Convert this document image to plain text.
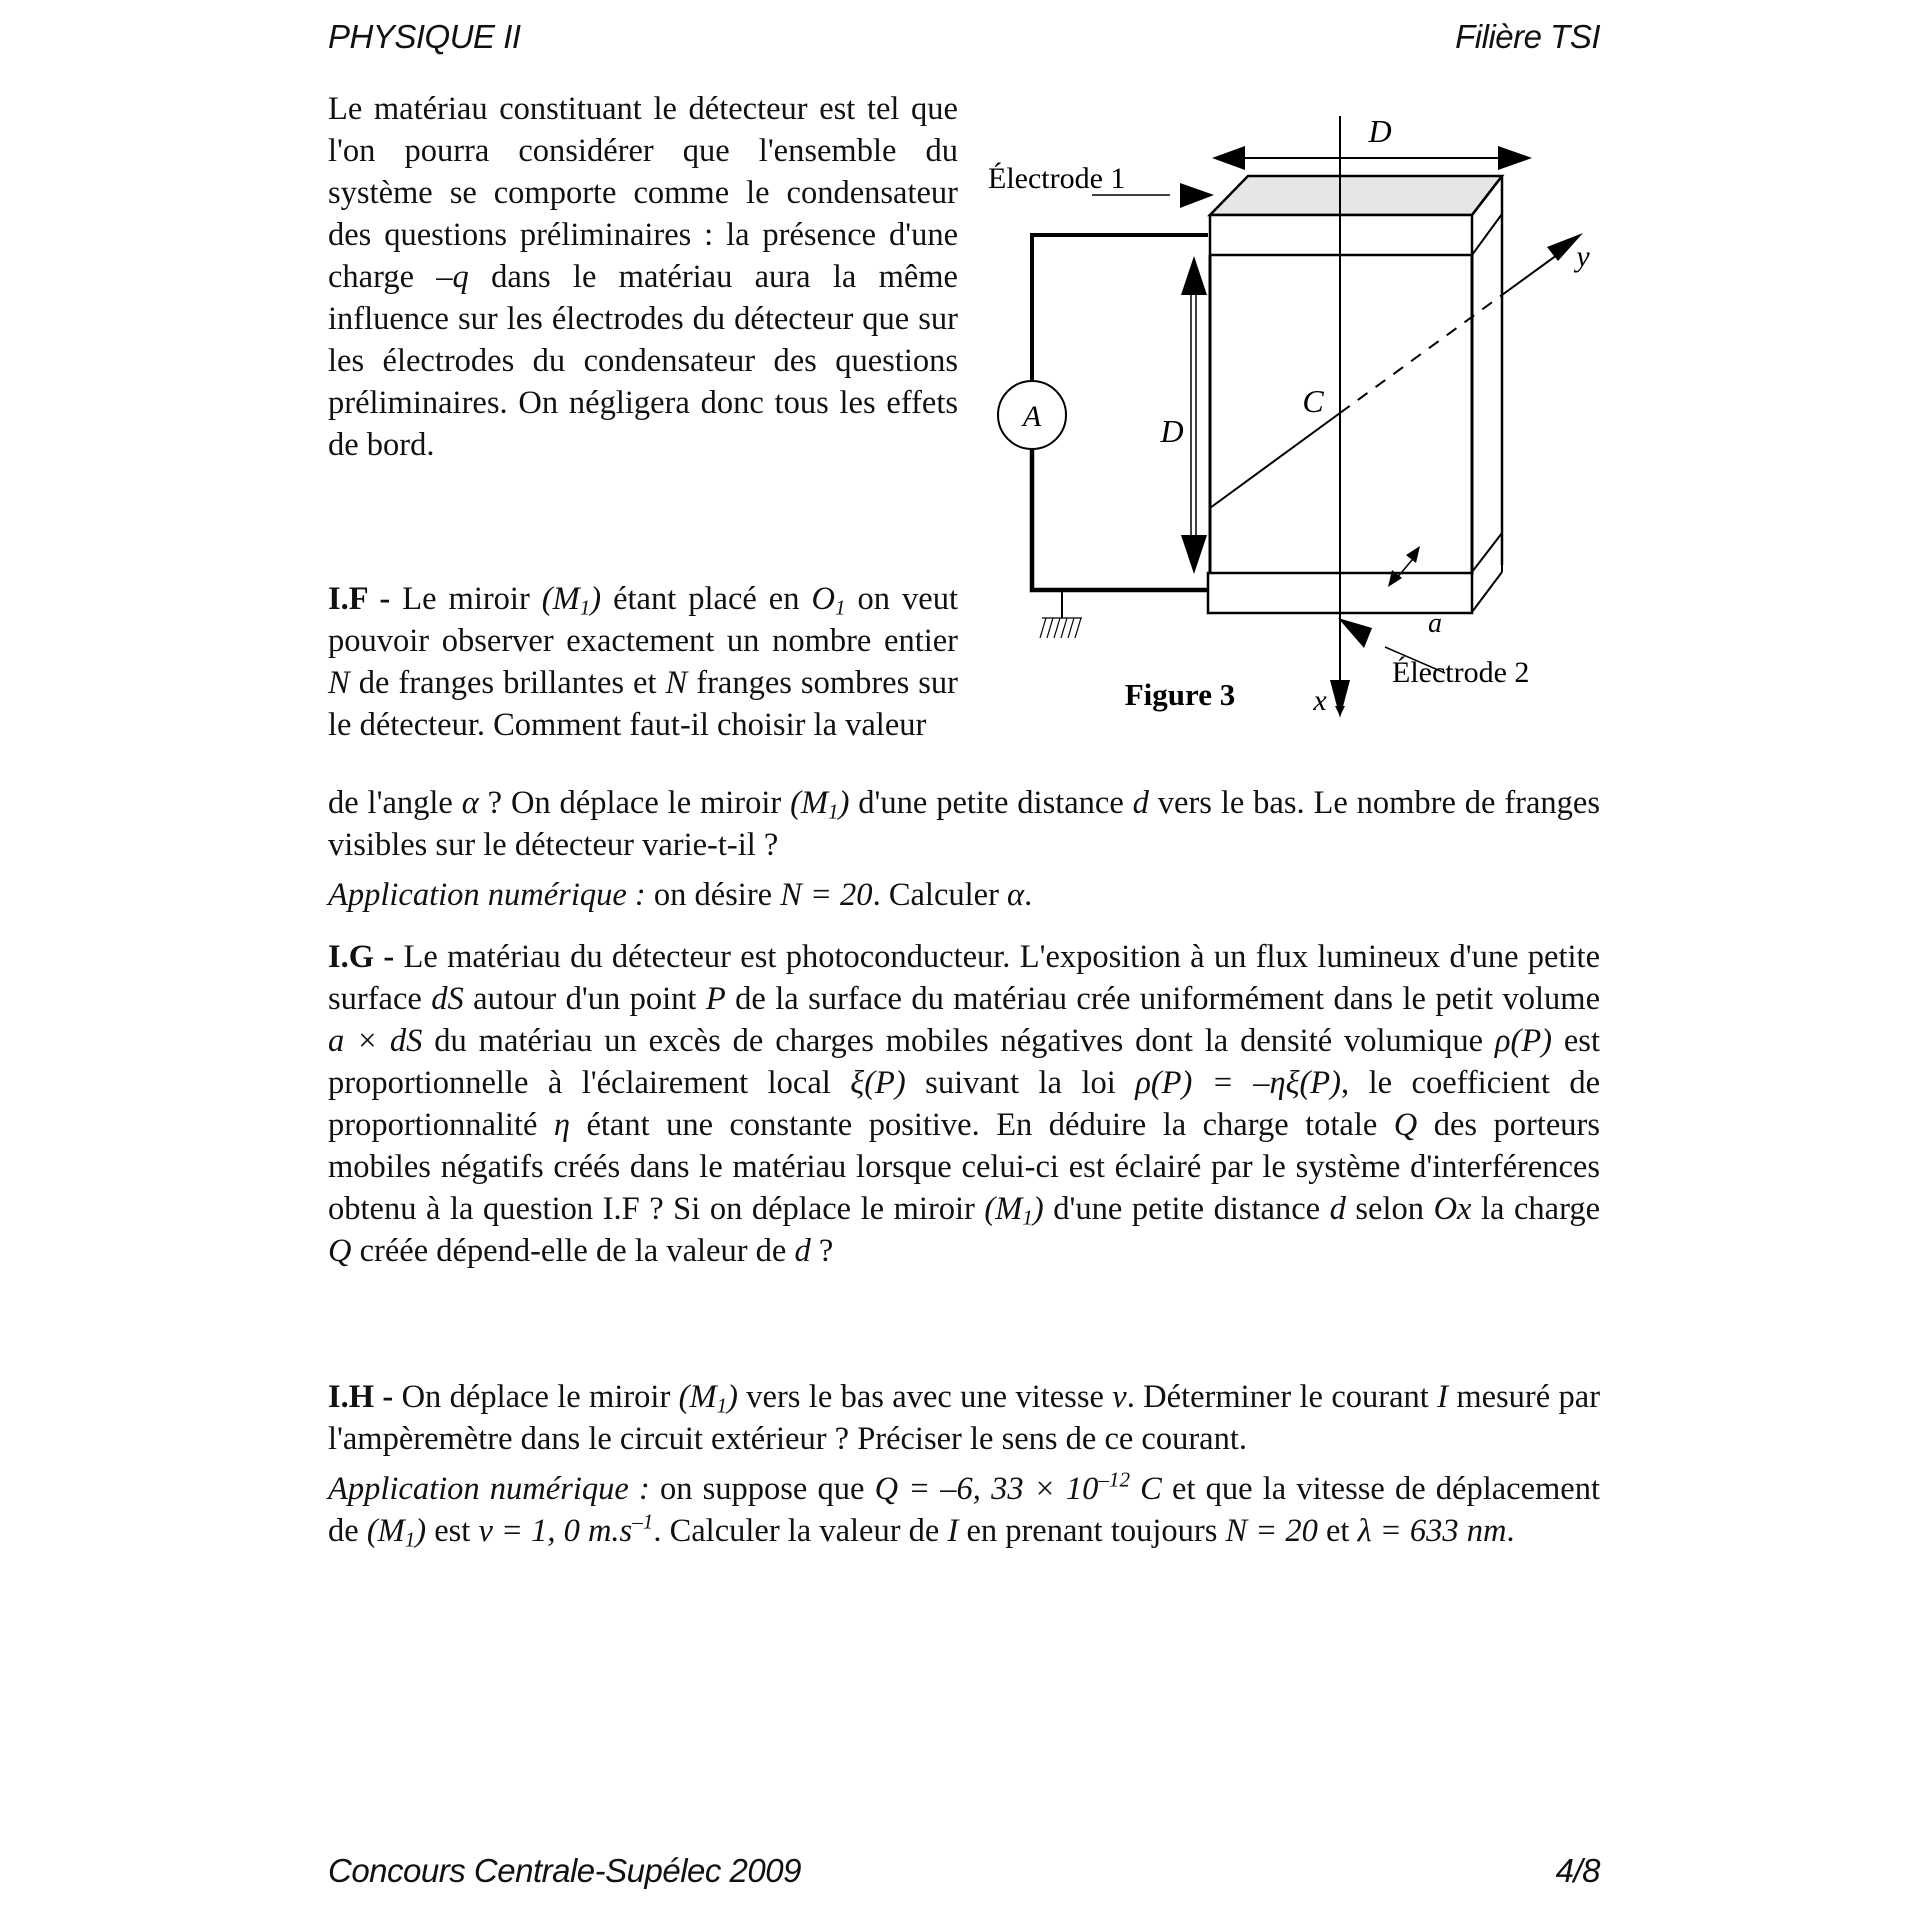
PHYSIQUE II	Filière TSI

Le matériau constituant le détecteur est tel que l'on pourra considérer que l'ensemble du système se comporte comme le condensateur des questions préliminaires : la présence d'une charge –q dans le matériau aura la même influence sur les électrodes du détecteur que sur les électrodes du condensateur des questions préliminaires. On négligera donc tous les effets de bord.

I.F - Le miroir $(M_1)$ étant placé en $O_1$ on veut pouvoir observer exactement un nombre entier N de franges brillantes et N franges sombres sur le détecteur. Comment faut-il choisir la valeur

de l'angle α ? On déplace le miroir $(M_1)$ d'une petite distance d vers le bas. Le nombre de franges visibles sur le détecteur varie-t-il ?

Application numérique : on désire N = 20. Calculer α.

I.G - Le matériau du détecteur est photoconducteur. L'exposition à un flux lumineux d'une petite surface dS autour d'un point P de la surface du matériau crée uniformément dans le petit volume a × dS du matériau un excès de charges mobiles négatives dont la densité volumique ρ(P) est proportionnelle à l'éclairement local ξ(P) suivant la loi ρ(P) = –ηξ(P), le coefficient de proportionnalité η étant une constante positive. En déduire la charge totale Q des porteurs mobiles négatifs créés dans le matériau lorsque celui-ci est éclairé par le système d'interférences obtenu à la question I.F ? Si on déplace le miroir $(M_1)$ d'une petite distance d selon Ox la charge Q créée dépend-elle de la valeur de d ?

I.H - On déplace le miroir $(M_1)$ vers le bas avec une vitesse v. Déterminer le courant I mesuré par l'ampèremètre dans le circuit extérieur ? Préciser le sens de ce courant.

Application numérique : on suppose que Q = –6, $33 \times 10^{-12}$ C et que la vitesse de déplacement de $(M_1)$ est v = 1, 0 $m.s^{-1}$. Calculer la valeur de I en prenant toujours N = 20 et λ = 633 nm.

A
D
D
C
x
y
a
Électrode 1
Électrode 2
Figure 3
Concours Centrale-Supélec 2009	4/8
